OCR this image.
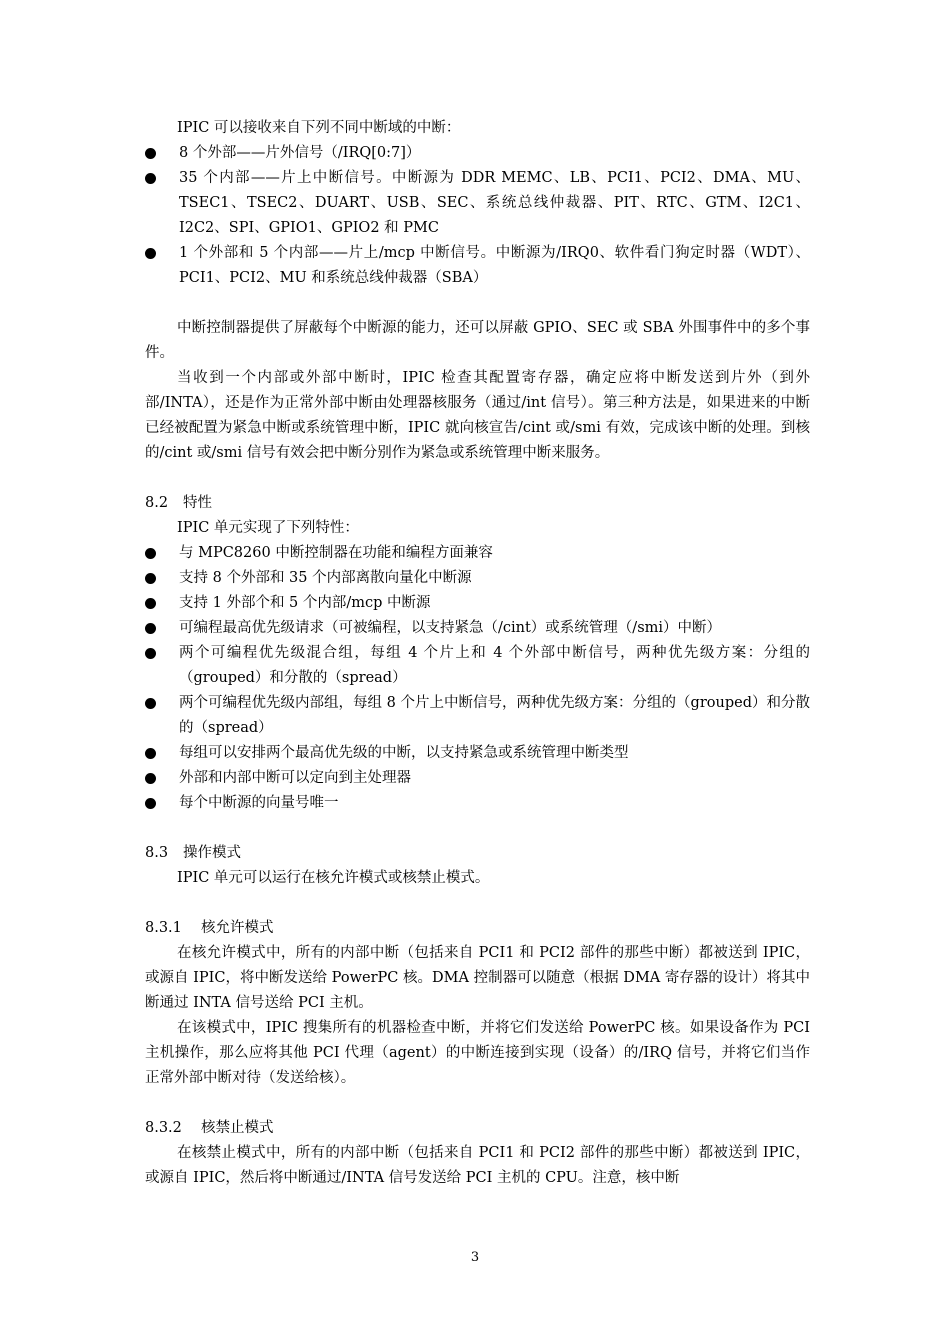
IPIC 可以接收来自下列不同中断域的中断：

8 个外部——片外信号（/IRQ[0:7]）
35 个内部——片上中断信号。中断源为 DDR MEMC、LB、PCI1、PCI2、DMA、MU、TSEC1、TSEC2、DUART、USB、SEC、系统总线仲裁器、PIT、RTC、GTM、I2C1、I2C2、SPI、GPIO1、GPIO2 和 PMC
1 个外部和 5 个内部——片上/mcp 中断信号。中断源为/IRQ0、软件看门狗定时器（WDT）、PCI1、PCI2、MU 和系统总线仲裁器（SBA）

中断控制器提供了屏蔽每个中断源的能力，还可以屏蔽 GPIO、SEC 或 SBA 外围事件中的多个事件。

当收到一个内部或外部中断时，IPIC 检查其配置寄存器，确定应将中断发送到片外（到外部/INTA），还是作为正常外部中断由处理器核服务（通过/int 信号）。第三种方法是，如果进来的中断已经被配置为紧急中断或系统管理中断，IPIC 就向核宣告/cint 或/smi 有效，完成该中断的处理。到核的/cint 或/smi 信号有效会把中断分别作为紧急或系统管理中断来服务。

8.2 特性

IPIC 单元实现了下列特性：

与 MPC8260 中断控制器在功能和编程方面兼容
支持 8 个外部和 35 个内部离散向量化中断源
支持 1 外部个和 5 个内部/mcp 中断源
可编程最高优先级请求（可被编程，以支持紧急（/cint）或系统管理（/smi）中断）
两个可编程优先级混合组，每组 4 个片上和 4 个外部中断信号，两种优先级方案：分组的（grouped）和分散的（spread）
两个可编程优先级内部组，每组 8 个片上中断信号，两种优先级方案：分组的（grouped）和分散的（spread）
每组可以安排两个最高优先级的中断，以支持紧急或系统管理中断类型
外部和内部中断可以定向到主处理器
每个中断源的向量号唯一
8.3 操作模式

IPIC 单元可以运行在核允许模式或核禁止模式。

8.3.1 核允许模式

在核允许模式中，所有的内部中断（包括来自 PCI1 和 PCI2 部件的那些中断）都被送到 IPIC，或源自 IPIC，将中断发送给 PowerPC 核。DMA 控制器可以随意（根据 DMA 寄存器的设计）将其中断通过 INTA 信号送给 PCI 主机。

在该模式中，IPIC 搜集所有的机器检查中断，并将它们发送给 PowerPC 核。如果设备作为 PCI 主机操作，那么应将其他 PCI 代理（agent）的中断连接到实现（设备）的/IRQ 信号，并将它们当作正常外部中断对待（发送给核）。

8.3.2 核禁止模式

在核禁止模式中，所有的内部中断（包括来自 PCI1 和 PCI2 部件的那些中断）都被送到 IPIC，或源自 IPIC，然后将中断通过/INTA 信号发送给 PCI 主机的 CPU。注意，核中断

3
